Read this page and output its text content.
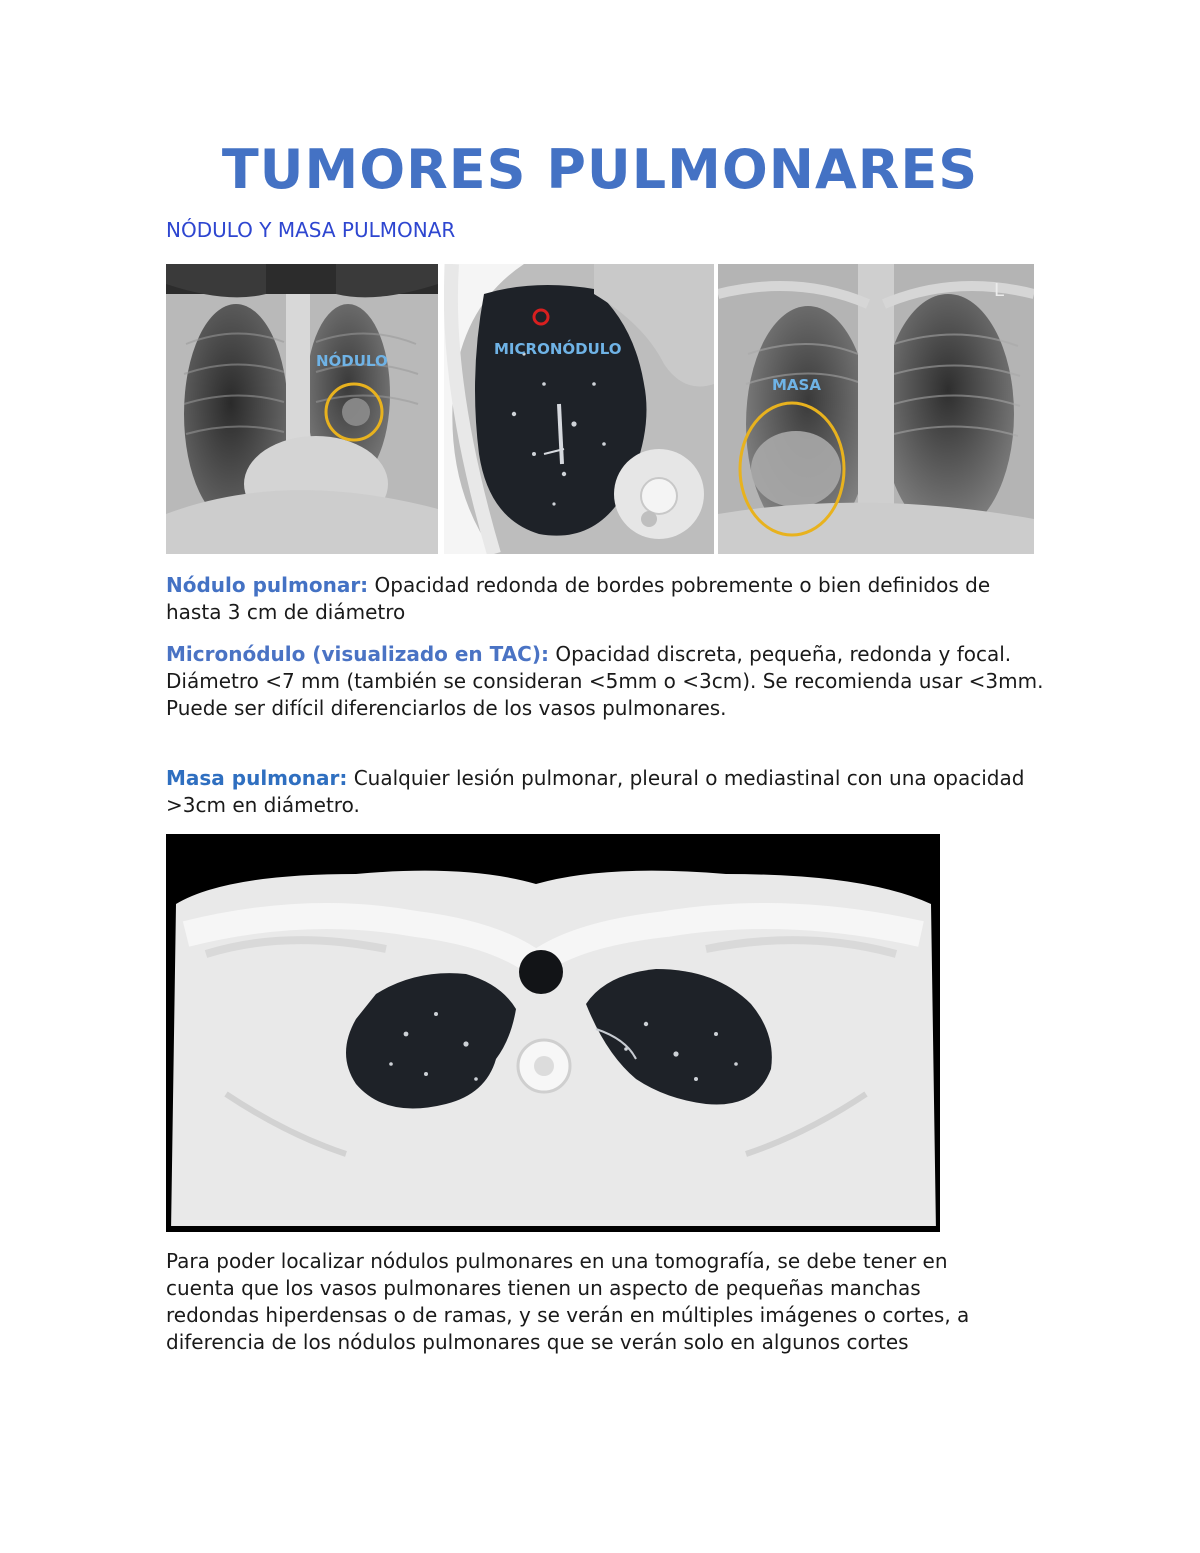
TUMORES PULMONARES
NÓDULO Y MASA PULMONAR
NÓDULO
MICRONÓDULO
MASA
L

Nódulo pulmonar: Opacidad redonda de bordes pobremente o bien definidos de hasta 3 cm de diámetro

Micronódulo (visualizado en TAC): Opacidad discreta, pequeña, redonda y focal. Diámetro <7 mm (también se consideran <5mm o <3cm). Se recomienda usar <3mm. Puede ser difícil diferenciarlos de los vasos pulmonares.

Masa pulmonar: Cualquier lesión pulmonar, pleural o mediastinal con una opacidad >3cm en diámetro.

Para poder localizar nódulos pulmonares en una tomografía, se debe tener en cuenta que los vasos pulmonares tienen un aspecto de pequeñas manchas redondas hiperdensas o de ramas, y se verán en múltiples imágenes o cortes, a diferencia de los nódulos pulmonares que se verán solo en algunos cortes
